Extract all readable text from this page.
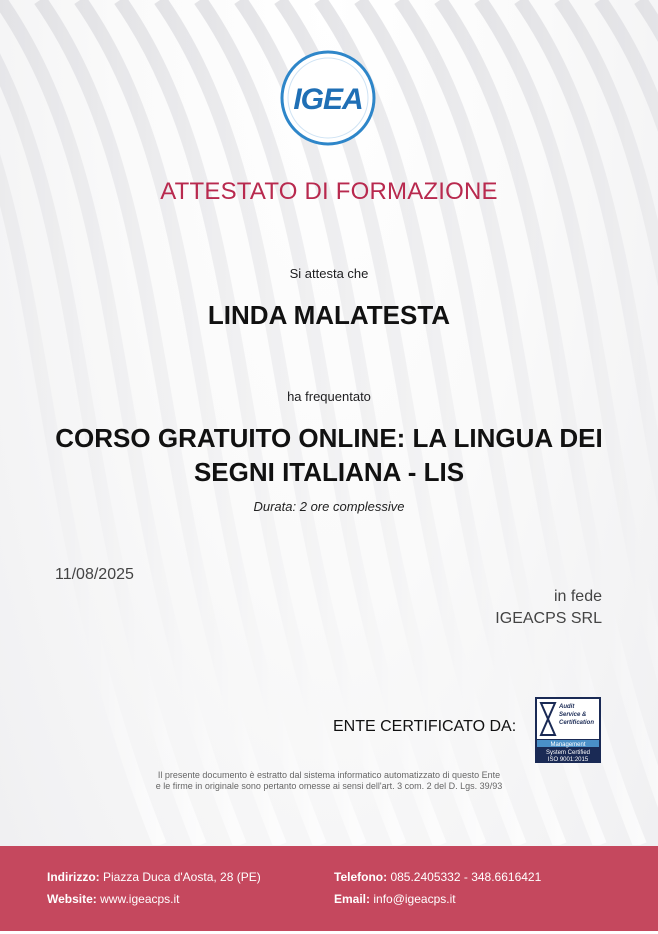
IGEA
ATTESTATO DI FORMAZIONE
Si attesta che
LINDA MALATESTA
ha frequentato
CORSO GRATUITO ONLINE: LA LINGUA DEI
SEGNI ITALIANA - LIS
Durata: 2 ore complessive
11/08/2025
in fede
IGEACPS SRL
ENTE CERTIFICATO DA:
Audit
Service &
Certification
Management
System Certified
ISO 9001:2015
Il presente documento è estratto dal sistema informatico automatizzato di questo Ente
e le firme in originale sono pertanto omesse ai sensi dell'art. 3 com. 2 del D. Lgs. 39/93
Indirizzo: Piazza Duca d'Aosta, 28 (PE)
Website: www.igeacps.it
Telefono: 085.2405332 - 348.6616421
Email: info@igeacps.it
